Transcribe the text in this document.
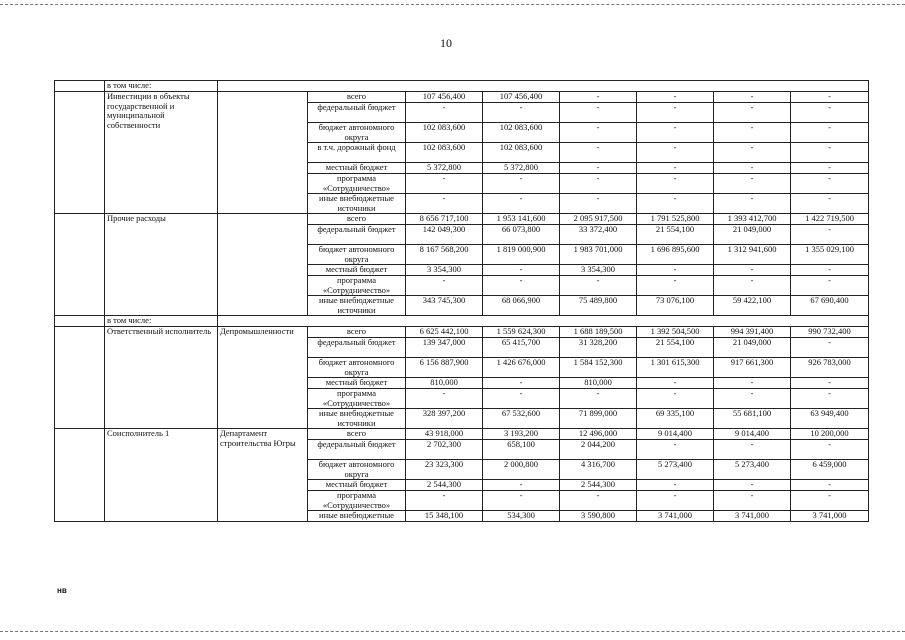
10
	в том числе:								
	Инвестиции в объекты государственной и муниципальной собственности		всего	107 456,400	107 456,400	-	-	-	-
			федеральный бюджет	-	-	-	-	-	-
			бюджет автономного округа	102 083,600	102 083,600	-	-	-	-
			в т.ч. дорожный фонд	102 083,600	102 083,600	-	-	-	-
			местный бюджет	5 372,800	5 372,800	-	-	-	-
			программа «Сотрудничество»	-	-	-	-	-	-
			иные внебюджетные источники	-	-	-	-	-	-
	Прочие расходы		всего	8 656 717,100	1 953 141,600	2 095 917,500	1 791 525,800	1 393 412,700	1 422 719,500
			федеральный бюджет	142 049,300	66 073,800	33 372,400	21 554,100	21 049,000	-
			бюджет автономного округа	8 167 568,200	1 819 000,900	1 983 701,000	1 696 895,600	1 312 941,600	1 355 029,100
			местный бюджет	3 354,300	-	3 354,300	-	-	-
			программа «Сотрудничество»	-	-	-	-	-	-
			иные внебюджетные источники	343 745,300	68 066,900	75 489,800	73 076,100	59 422,100	67 690,400
	в том числе:								
	Ответственный исполнитель	Депромышленности	всего	6 625 442,100	1 559 624,300	1 688 189,500	1 392 504,500	994 391,400	990 732,400
			федеральный бюджет	139 347,000	65 415,700	31 328,200	21 554,100	21 049,000	-
			бюджет автономного округа	6 156 887,900	1 426 676,000	1 584 152,300	1 301 615,300	917 661,300	926 783,000
			местный бюджет	810,000	-	810,000	-	-	-
			программа «Сотрудничество»	-	-	-	-	-	-
			иные внебюджетные источники	328 397,200	67 532,600	71 899,000	69 335,100	55 681,100	63 949,400
	Соисполнитель 1	Департамент строительства Югры	всего	43 918,000	3 193,200	12 496,000	9 014,400	9 014,400	10 200,000
			федеральный бюджет	2 702,300	658,100	2 044,200	-	-	-
			бюджет автономного округа	23 323,300	2 000,800	4 316,700	5 273,400	5 273,400	6 459,000
			местный бюджет	2 544,300	-	2 544,300	-	-	-
			программа «Сотрудничество»	-	-	-	-	-	-
			иные внебюджетные	15 348,100	534,300	3 590,800	3 741,000	3 741,000	3 741,000
нв
